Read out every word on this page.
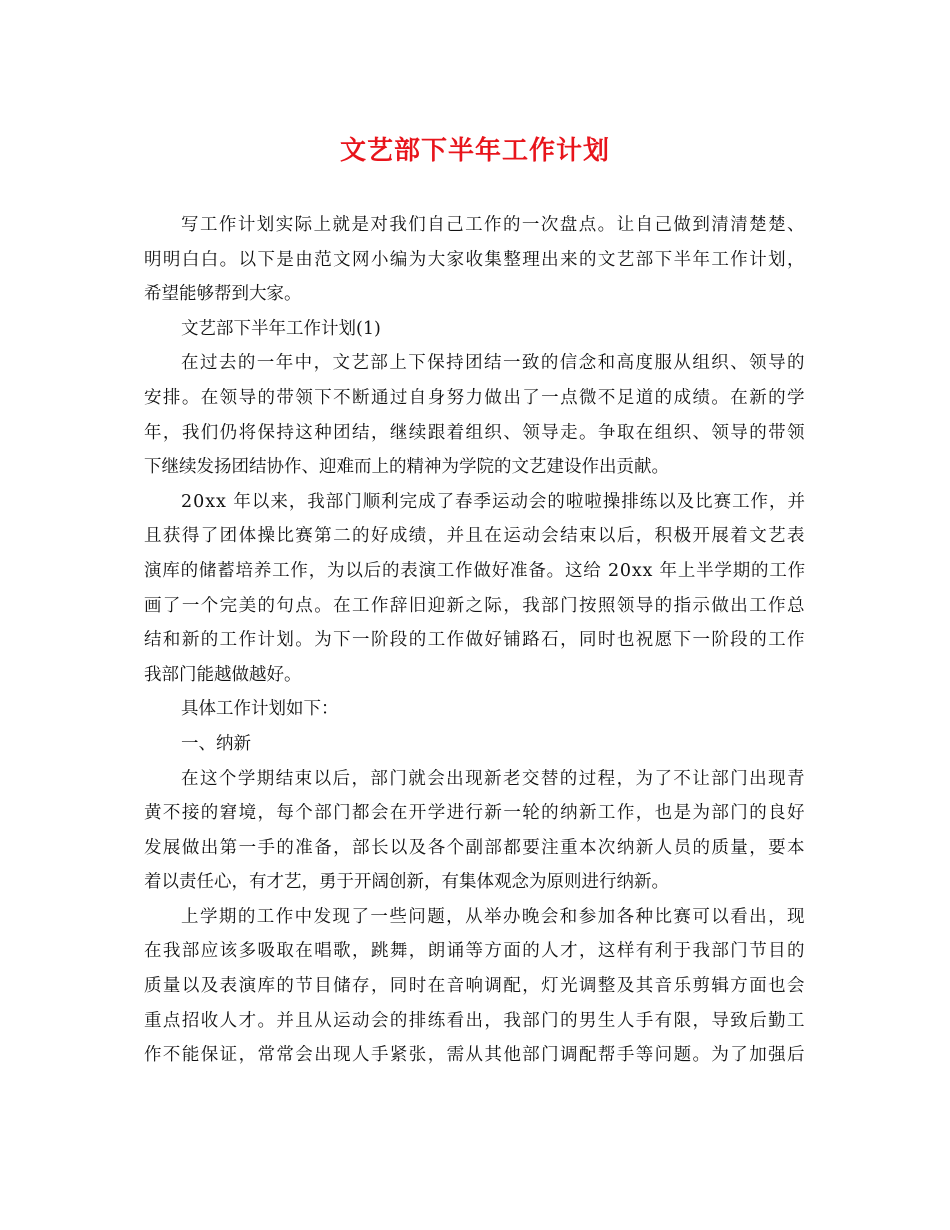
文艺部下半年工作计划
写工作计划实际上就是对我们自己工作的一次盘点。让自己做到清清楚楚、
明明白白。以下是由范文网小编为大家收集整理出来的文艺部下半年工作计划，
希望能够帮到大家。
文艺部下半年工作计划(1)
在过去的一年中，文艺部上下保持团结一致的信念和高度服从组织、领导的
安排。在领导的带领下不断通过自身努力做出了一点微不足道的成绩。在新的学
年，我们仍将保持这种团结，继续跟着组织、领导走。争取在组织、领导的带领
下继续发扬团结协作、迎难而上的精神为学院的文艺建设作出贡献。
20xx 年以来，我部门顺利完成了春季运动会的啦啦操排练以及比赛工作，并
且获得了团体操比赛第二的好成绩，并且在运动会结束以后，积极开展着文艺表
演库的储蓄培养工作，为以后的表演工作做好准备。这给 20xx 年上半学期的工作
画了一个完美的句点。在工作辞旧迎新之际，我部门按照领导的指示做出工作总
结和新的工作计划。为下一阶段的工作做好铺路石，同时也祝愿下一阶段的工作
我部门能越做越好。
具体工作计划如下：
一、纳新
在这个学期结束以后，部门就会出现新老交替的过程，为了不让部门出现青
黄不接的窘境，每个部门都会在开学进行新一轮的纳新工作，也是为部门的良好
发展做出第一手的准备，部长以及各个副部都要注重本次纳新人员的质量，要本
着以责任心，有才艺，勇于开阔创新，有集体观念为原则进行纳新。
上学期的工作中发现了一些问题，从举办晚会和参加各种比赛可以看出，现
在我部应该多吸取在唱歌，跳舞，朗诵等方面的人才，这样有利于我部门节目的
质量以及表演库的节目储存，同时在音响调配，灯光调整及其音乐剪辑方面也会
重点招收人才。并且从运动会的排练看出，我部门的男生人手有限，导致后勤工
作不能保证，常常会出现人手紧张，需从其他部门调配帮手等问题。为了加强后
